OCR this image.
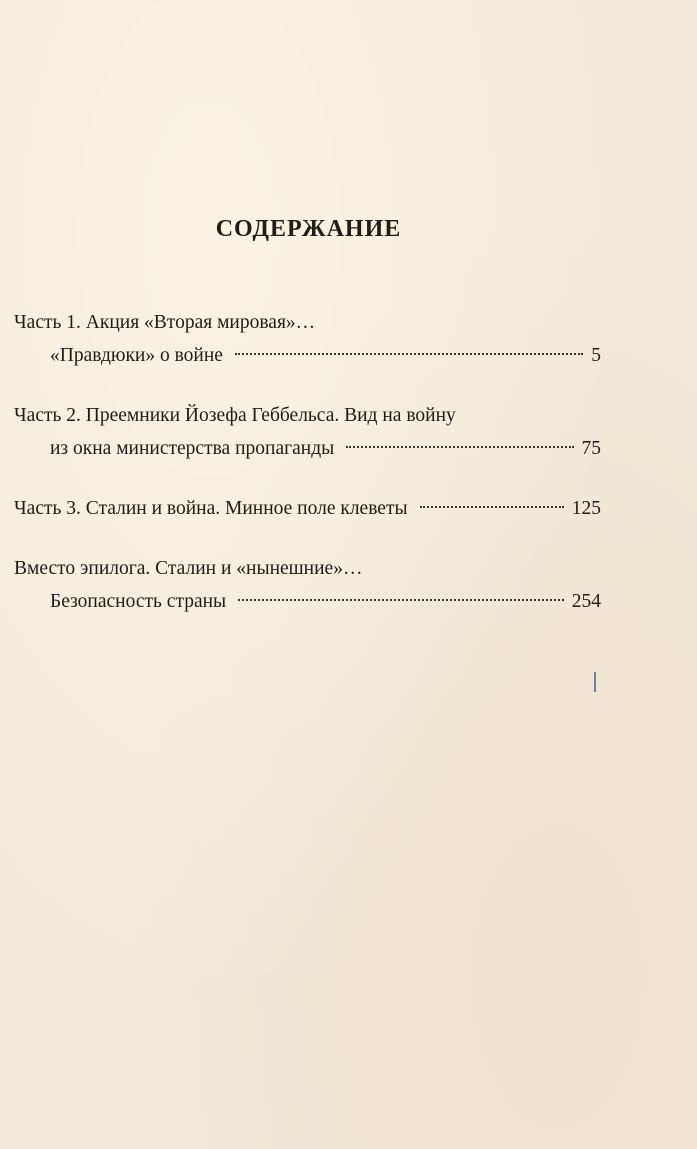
СОДЕРЖАНИЕ
Часть 1. Акция «Вторая мировая»…
«Правдюки» о войне	5
Часть 2. Преемники Йозефа Геббельса. Вид на войну
из окна министерства пропаганды	75
Часть 3. Сталин и война. Минное поле клеветы	125
Вместо эпилога. Сталин и «нынешние»…
Безопасность страны	254
